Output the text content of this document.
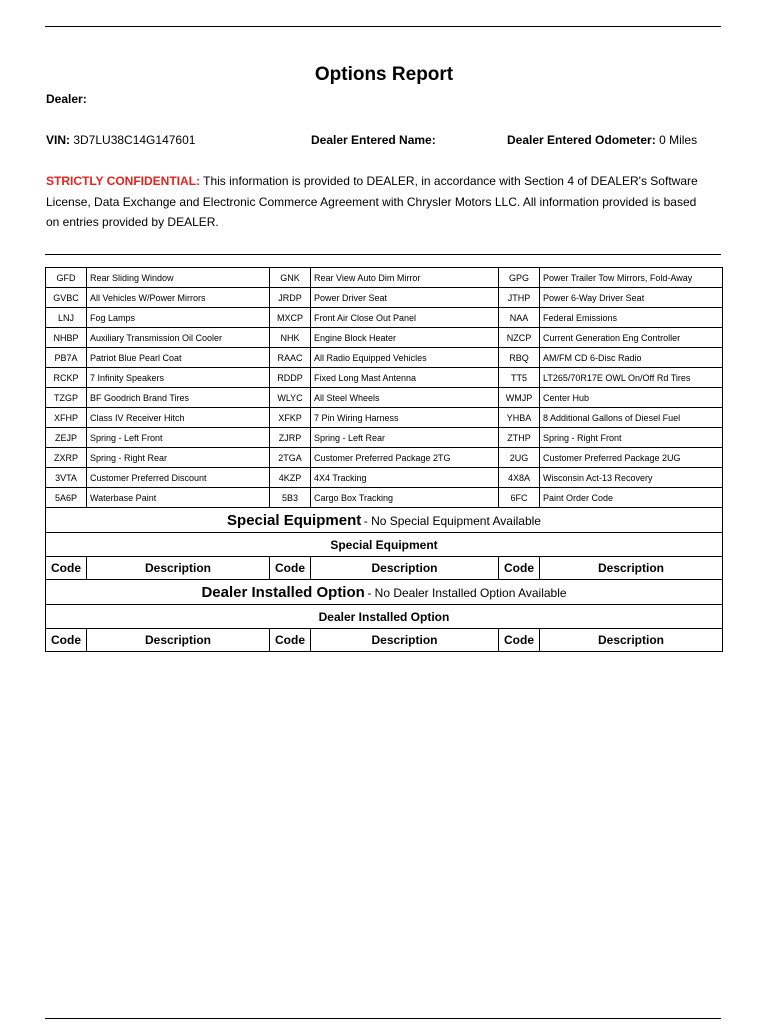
Options Report
Dealer:
VIN: 3D7LU38C14G147601	Dealer Entered Name:	Dealer Entered Odometer: 0 Miles
STRICTLY CONFIDENTIAL: This information is provided to DEALER, in accordance with Section 4 of DEALER's Software License, Data Exchange and Electronic Commerce Agreement with Chrysler Motors LLC. All information provided is based on entries provided by DEALER.
GFD	Rear Sliding Window	GNK	Rear View Auto Dim Mirror	GPG	Power Trailer Tow Mirrors, Fold-Away
GVBC	All Vehicles W/Power Mirrors	JRDP	Power Driver Seat	JTHP	Power 6-Way Driver Seat
LNJ	Fog Lamps	MXCP	Front Air Close Out Panel	NAA	Federal Emissions
NHBP	Auxiliary Transmission Oil Cooler	NHK	Engine Block Heater	NZCP	Current Generation Eng Controller
PB7A	Patriot Blue Pearl Coat	RAAC	All Radio Equipped Vehicles	RBQ	AM/FM CD 6-Disc Radio
RCKP	7 Infinity Speakers	RDDP	Fixed Long Mast Antenna	TT5	LT265/70R17E OWL On/Off Rd Tires
TZGP	BF Goodrich Brand Tires	WLYC	All Steel Wheels	WMJP	Center Hub
XFHP	Class IV Receiver Hitch	XFKP	7 Pin Wiring Harness	YHBA	8 Additional Gallons of Diesel Fuel
ZEJP	Spring - Left Front	ZJRP	Spring - Left Rear	ZTHP	Spring - Right Front
ZXRP	Spring - Right Rear	2TGA	Customer Preferred Package 2TG	2UG	Customer Preferred Package 2UG
3VTA	Customer Preferred Discount	4KZP	4X4 Tracking	4X8A	Wisconsin Act-13 Recovery
5A6P	Waterbase Paint	5B3	Cargo Box Tracking	6FC	Paint Order Code
Special Equipment - No Special Equipment Available					
Special Equipment					
Code	Description	Code	Description	Code	Description
Dealer Installed Option - No Dealer Installed Option Available					
Dealer Installed Option					
Code	Description	Code	Description	Code	Description
